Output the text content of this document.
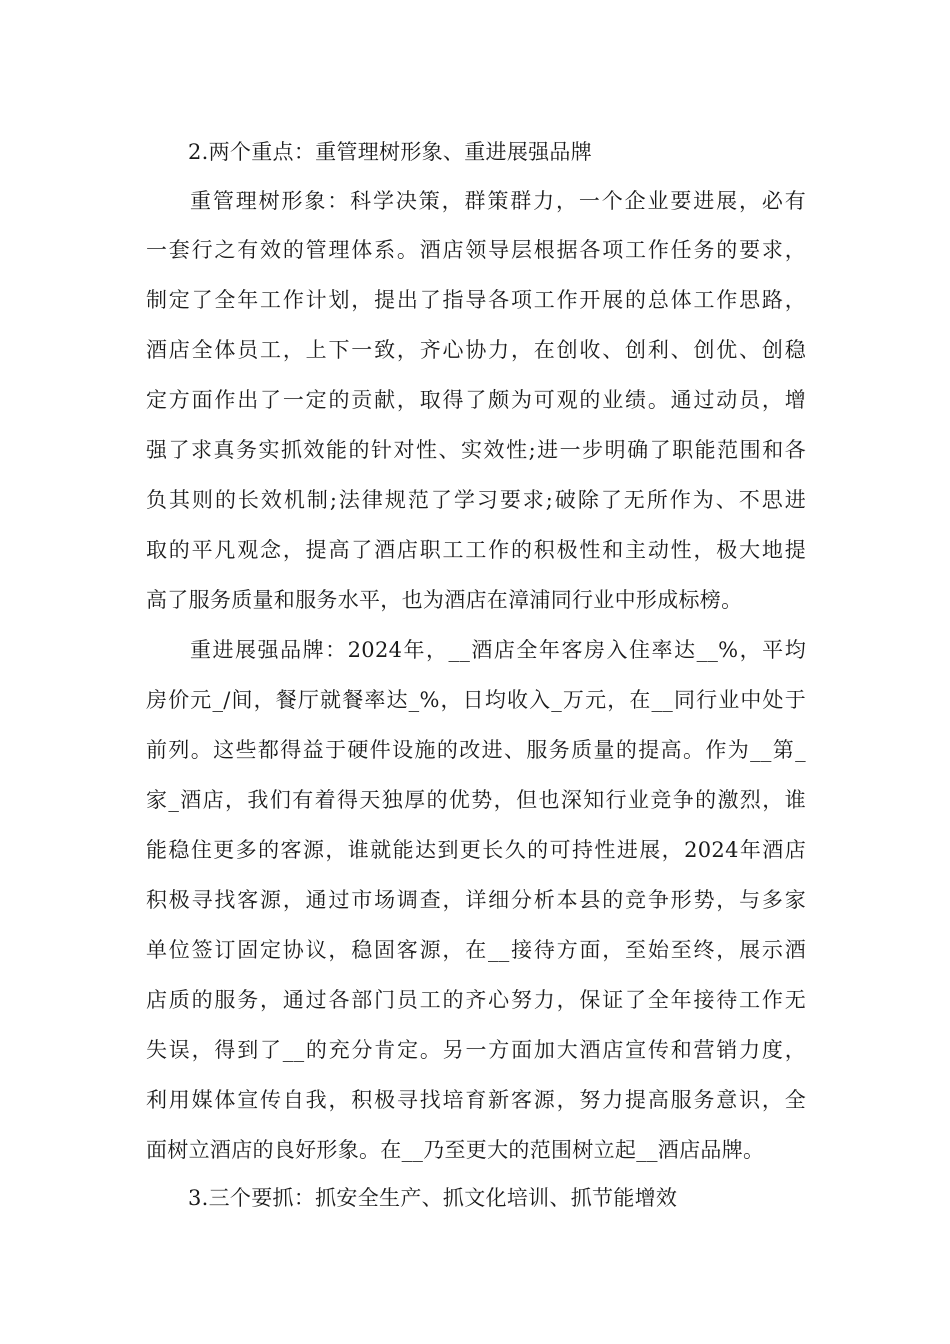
2.两个重点：重管理树形象、重进展强品牌
重管理树形象：科学决策，群策群力，一个企业要进展，必有
一套行之有效的管理体系。酒店领导层根据各项工作任务的要求，
制定了全年工作计划，提出了指导各项工作开展的总体工作思路，
酒店全体员工，上下一致，齐心协力，在创收、创利、创优、创稳
定方面作出了一定的贡献，取得了颇为可观的业绩。通过动员，增
强了求真务实抓效能的针对性、实效性;进一步明确了职能范围和各
负其则的长效机制;法律规范了学习要求;破除了无所作为、不思进
取的平凡观念，提高了酒店职工工作的积极性和主动性，极大地提
高了服务质量和服务水平，也为酒店在漳浦同行业中形成标榜。
重进展强品牌：2024年，__酒店全年客房入住率达__%，平均
房价元_/间，餐厅就餐率达_%，日均收入_万元，在__同行业中处于
前列。这些都得益于硬件设施的改进、服务质量的提高。作为__第_
家_酒店，我们有着得天独厚的优势，但也深知行业竞争的激烈，谁
能稳住更多的客源，谁就能达到更长久的可持性进展，2024年酒店
积极寻找客源，通过市场调查，详细分析本县的竞争形势，与多家
单位签订固定协议，稳固客源，在__接待方面，至始至终，展示酒
店质的服务，通过各部门员工的齐心努力，保证了全年接待工作无
失误，得到了__的充分肯定。另一方面加大酒店宣传和营销力度，
利用媒体宣传自我，积极寻找培育新客源，努力提高服务意识，全
面树立酒店的良好形象。在__乃至更大的范围树立起__酒店品牌。
3.三个要抓：抓安全生产、抓文化培训、抓节能增效
